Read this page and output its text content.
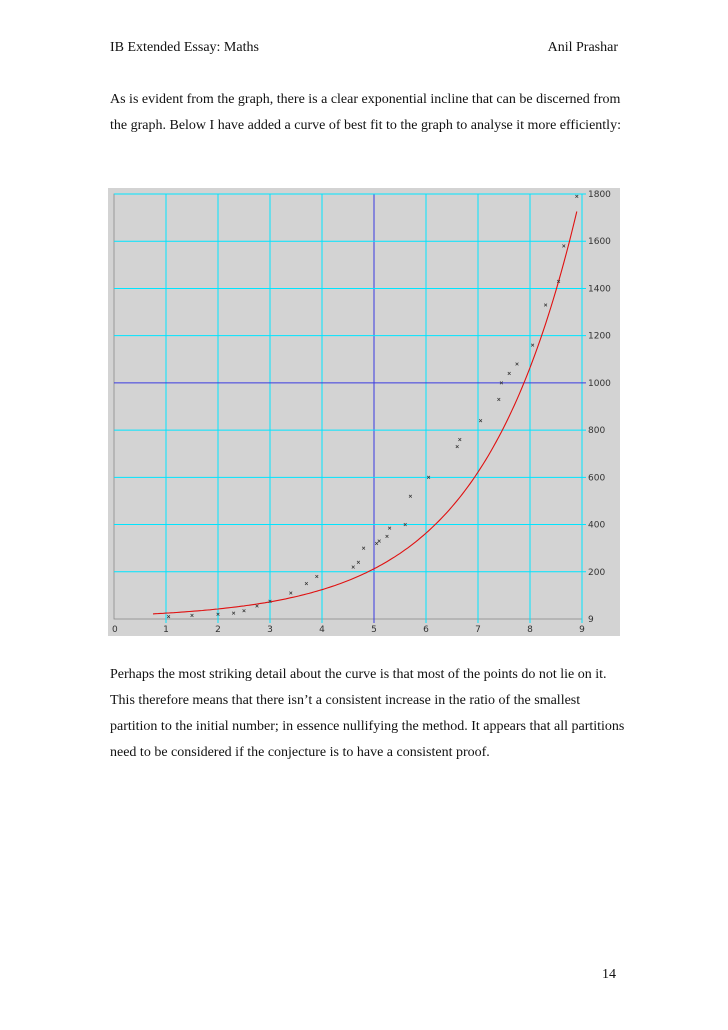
IB Extended Essay: Maths	Anil Prashar

As is evident from the graph, there is a clear exponential incline that can be discerned from the graph. Below I have added a curve of best fit to the graph to analyse it more efficiently:

0	1	2	3	4	5	6	7	8	9
9
200
400
600
800
1000
1200
1400
1600
1800

Perhaps the most striking detail about the curve is that most of the points do not lie on it. This therefore means that there isn’t a consistent increase in the ratio of the smallest partition to the initial number; in essence nullifying the method. It appears that all partitions need to be considered if the conjecture is to have a consistent proof.

14
